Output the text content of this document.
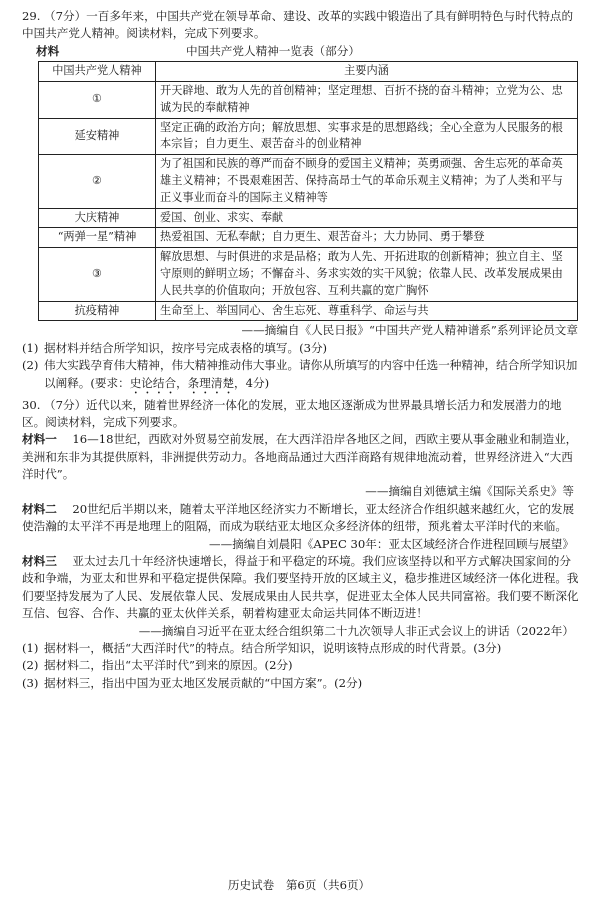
29. （7分）一百多年来，中国共产党在领导革命、建设、改革的实践中锻造出了具有鲜明特色与时代特点的中国共产党人精神。阅读材料，完成下列要求。

材料	中国共产党人精神一览表（部分）
中国共产党人精神	主要内涵
①	开天辟地、敢为人先的首创精神；坚定理想、百折不挠的奋斗精神；立党为公、忠诚为民的奉献精神
延安精神	坚定正确的政治方向；解放思想、实事求是的思想路线；全心全意为人民服务的根本宗旨；自力更生、艰苦奋斗的创业精神
②	为了祖国和民族的尊严而奋不顾身的爱国主义精神；英勇顽强、舍生忘死的革命英雄主义精神；不畏艰难困苦、保持高昂士气的革命乐观主义精神；为了人类和平与正义事业而奋斗的国际主义精神等
大庆精神	爱国、创业、求实、奉献
“两弹一星”精神	热爱祖国、无私奉献；自力更生、艰苦奋斗；大力协同、勇于攀登
③	解放思想、与时俱进的求是品格；敢为人先、开拓进取的创新精神；独立自主、坚守原则的鲜明立场；不懈奋斗、务求实效的实干风貌；依靠人民、改革发展成果由人民共享的价值取向；开放包容、互利共赢的宽广胸怀
抗疫精神	生命至上、举国同心、舍生忘死、尊重科学、命运与共

——摘编自《人民日报》“中国共产党人精神谱系”系列评论员文章

(1) 据材料并结合所学知识，按序号完成表格的填写。(3分)
(2) 伟大实践孕育伟大精神，伟大精神推动伟大事业。请你从所填写的内容中任选一种精神，结合所学知识加以阐释。(要求：史论结合，条理清楚，4分)

30. （7分）近代以来，随着世界经济一体化的发展，亚太地区逐渐成为世界最具增长活力和发展潜力的地区。阅读材料，完成下列要求。

材料一　 16—18世纪，西欧对外贸易空前发展，在大西洋沿岸各地区之间，西欧主要从事金融业和制造业，美洲和东非为其提供原料，非洲提供劳动力。各地商品通过大西洋商路有规律地流动着，世界经济进入“大西洋时代”。

——摘编自刘德斌主编《国际关系史》等

材料二　 20世纪后半期以来，随着太平洋地区经济实力不断增长，亚太经济合作组织越来越红火，它的发展使浩瀚的太平洋不再是地理上的阻隔，而成为联结亚太地区众多经济体的纽带，预兆着太平洋时代的来临。

——摘编自刘晨阳《APEC 30年：亚太区域经济合作进程回顾与展望》

材料三　 亚太过去几十年经济快速增长，得益于和平稳定的环境。我们应该坚持以和平方式解决国家间的分歧和争端，为亚太和世界和平稳定提供保障。我们要坚持开放的区域主义，稳步推进区域经济一体化进程。我们要坚持发展为了人民、发展依靠人民、发展成果由人民共享，促进亚太全体人民共同富裕。我们要不断深化互信、包容、合作、共赢的亚太伙伴关系，朝着构建亚太命运共同体不断迈进！

——摘编自习近平在亚太经合组织第二十九次领导人非正式会议上的讲话（2022年）

(1) 据材料一，概括“大西洋时代”的特点。结合所学知识，说明该特点形成的时代背景。(3分)
(2) 据材料二，指出“太平洋时代”到来的原因。(2分)
(3) 据材料三，指出中国为亚太地区发展贡献的“中国方案”。(2分)
历史试卷　第6页（共6页）
